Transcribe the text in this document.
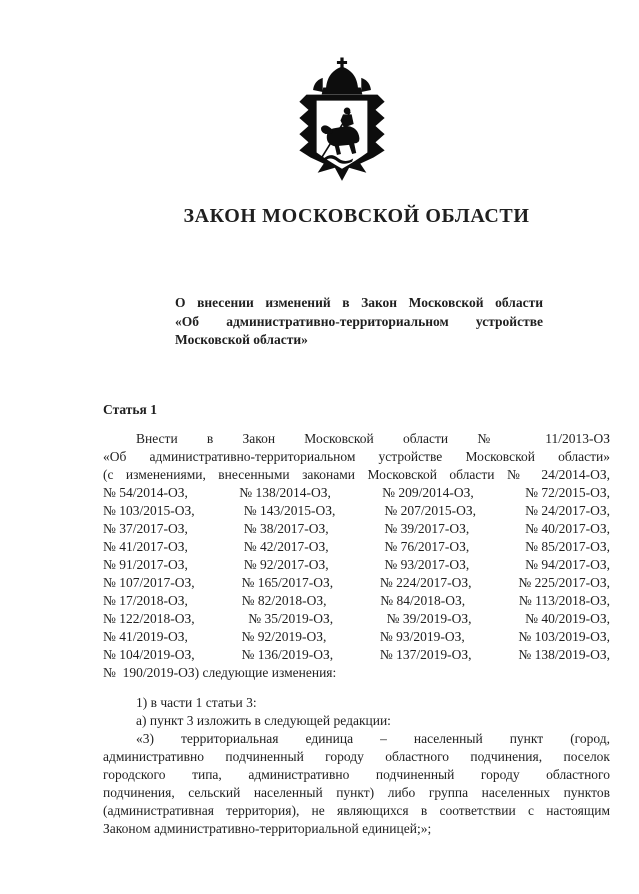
ЗАКОН МОСКОВСКОЙ ОБЛАСТИ
О внесении изменений в Закон Московской области
«Об административно-территориальном устройстве
Московской области»
Статья 1
Внести в Закон Московской области № 11/2013-ОЗ
«Об административно-территориальном устройстве Московской области»
(с изменениями, внесенными законами Московской области № 24/2014-ОЗ,
№ 54/2014-ОЗ,	№ 138/2014-ОЗ,	№ 209/2014-ОЗ,	№ 72/2015-ОЗ,
№ 103/2015-ОЗ,	№ 143/2015-ОЗ,	№ 207/2015-ОЗ,	№ 24/2017-ОЗ,
№ 37/2017-ОЗ,	№ 38/2017-ОЗ,	№ 39/2017-ОЗ,	№ 40/2017-ОЗ,
№ 41/2017-ОЗ,	№ 42/2017-ОЗ,	№ 76/2017-ОЗ,	№ 85/2017-ОЗ,
№ 91/2017-ОЗ,	№ 92/2017-ОЗ,	№ 93/2017-ОЗ,	№ 94/2017-ОЗ,
№ 107/2017-ОЗ,	№ 165/2017-ОЗ,	№ 224/2017-ОЗ,	№ 225/2017-ОЗ,
№ 17/2018-ОЗ,	№ 82/2018-ОЗ,	№ 84/2018-ОЗ,	№ 113/2018-ОЗ,
№ 122/2018-ОЗ,	№ 35/2019-ОЗ,	№ 39/2019-ОЗ,	№ 40/2019-ОЗ,
№ 41/2019-ОЗ,	№ 92/2019-ОЗ,	№ 93/2019-ОЗ,	№ 103/2019-ОЗ,
№ 104/2019-ОЗ,	№ 136/2019-ОЗ,	№ 137/2019-ОЗ,	№ 138/2019-ОЗ,
№  190/2019-ОЗ) следующие изменения:
1) в части 1 статьи 3:
а) пункт 3 изложить в следующей редакции:
«3) территориальная единица – населенный пункт (город,
административно подчиненный городу областного подчинения, поселок
городского типа, административно подчиненный городу областного
подчинения, сельский населенный пункт) либо группа населенных пунктов
(административная территория), не являющихся в соответствии с настоящим
Законом административно-территориальной единицей;»;
